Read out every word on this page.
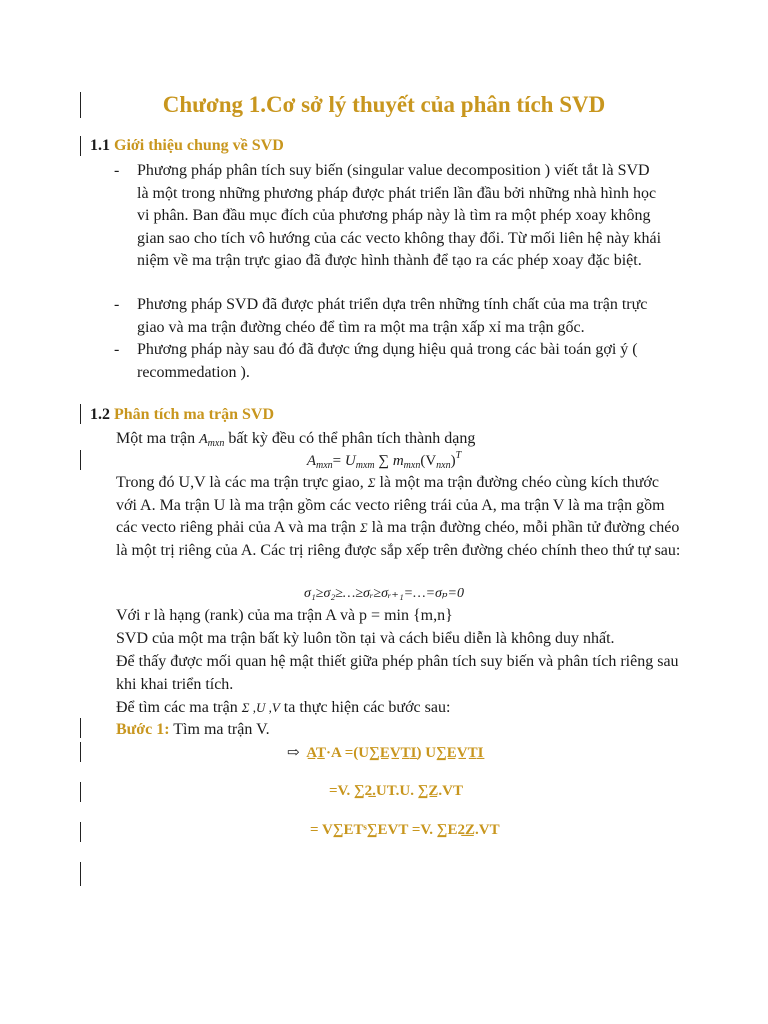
Chương 1.Cơ sở lý thuyết của phân tích SVD
1.1 Giới thiệu chung về SVD
- Phương pháp phân tích suy biến (singular value decomposition ) viết tắt là SVD là một trong những phương pháp được phát triển lần đầu bởi những nhà hình học vi phân. Ban đầu mục đích của phương pháp này là tìm ra một phép xoay không gian sao cho tích vô hướng của các vecto không thay đổi. Từ mối liên hệ này khái niệm về ma trận trực giao đã được hình thành để tạo ra các phép xoay đặc biệt.
- Phương pháp SVD đã được phát triển dựa trên những tính chất của ma trận trực giao và ma trận đường chéo để tìm ra một ma trận xấp xỉ ma trận gốc.
- Phương pháp này sau đó đã được ứng dụng hiệu quả trong các bài toán gợi ý ( recommedation ).
1.2 Phân tích ma trận SVD
Một ma trận $A_{mxn}$ bất kỳ đều có thể phân tích thành dạng
$A_{mxn}= U_{mxm}$ ∑ $m_{mxn}(V_{nxn})^T$
Trong đó U,V là các ma trận trực giao, Σ là một ma trận đường chéo cùng kích thước với A. Ma trận U là ma trận gồm các vecto riêng trái của A, ma trận V là ma trận gồm các vecto riêng phải của A và ma trận Σ là ma trận đường chéo, mỗi phần tử đường chéo là một trị riêng của A. Các trị riêng được sắp xếp trên đường chéo chính theo thứ tự sau:
σ₁≥σ₂≥…≥σᵣ≥σᵣ₊₁=…=σₚ=0
Với r là hạng (rank) của ma trận A và p = min {m,n}
SVD của một ma trận bất kỳ luôn tồn tại và cách biểu diễn là không duy nhất.
Để thấy được mối quan hệ mật thiết giữa phép phân tích suy biến và phân tích riêng sau khi khai triển tích.
Để tìm các ma trận Σ ,U ,V ta thực hiện các bước sau:
Bước 1: Tìm ma trận V.
⇨ A̲T̲·A =(U∑E̲V̲T̲I̲) U∑E̲V̲T̲I̲
=V. ∑2̲.UT.U. ∑Z̲.VT
= V∑ETˢ∑EVT =V. ∑E2̲Z̲.VT
